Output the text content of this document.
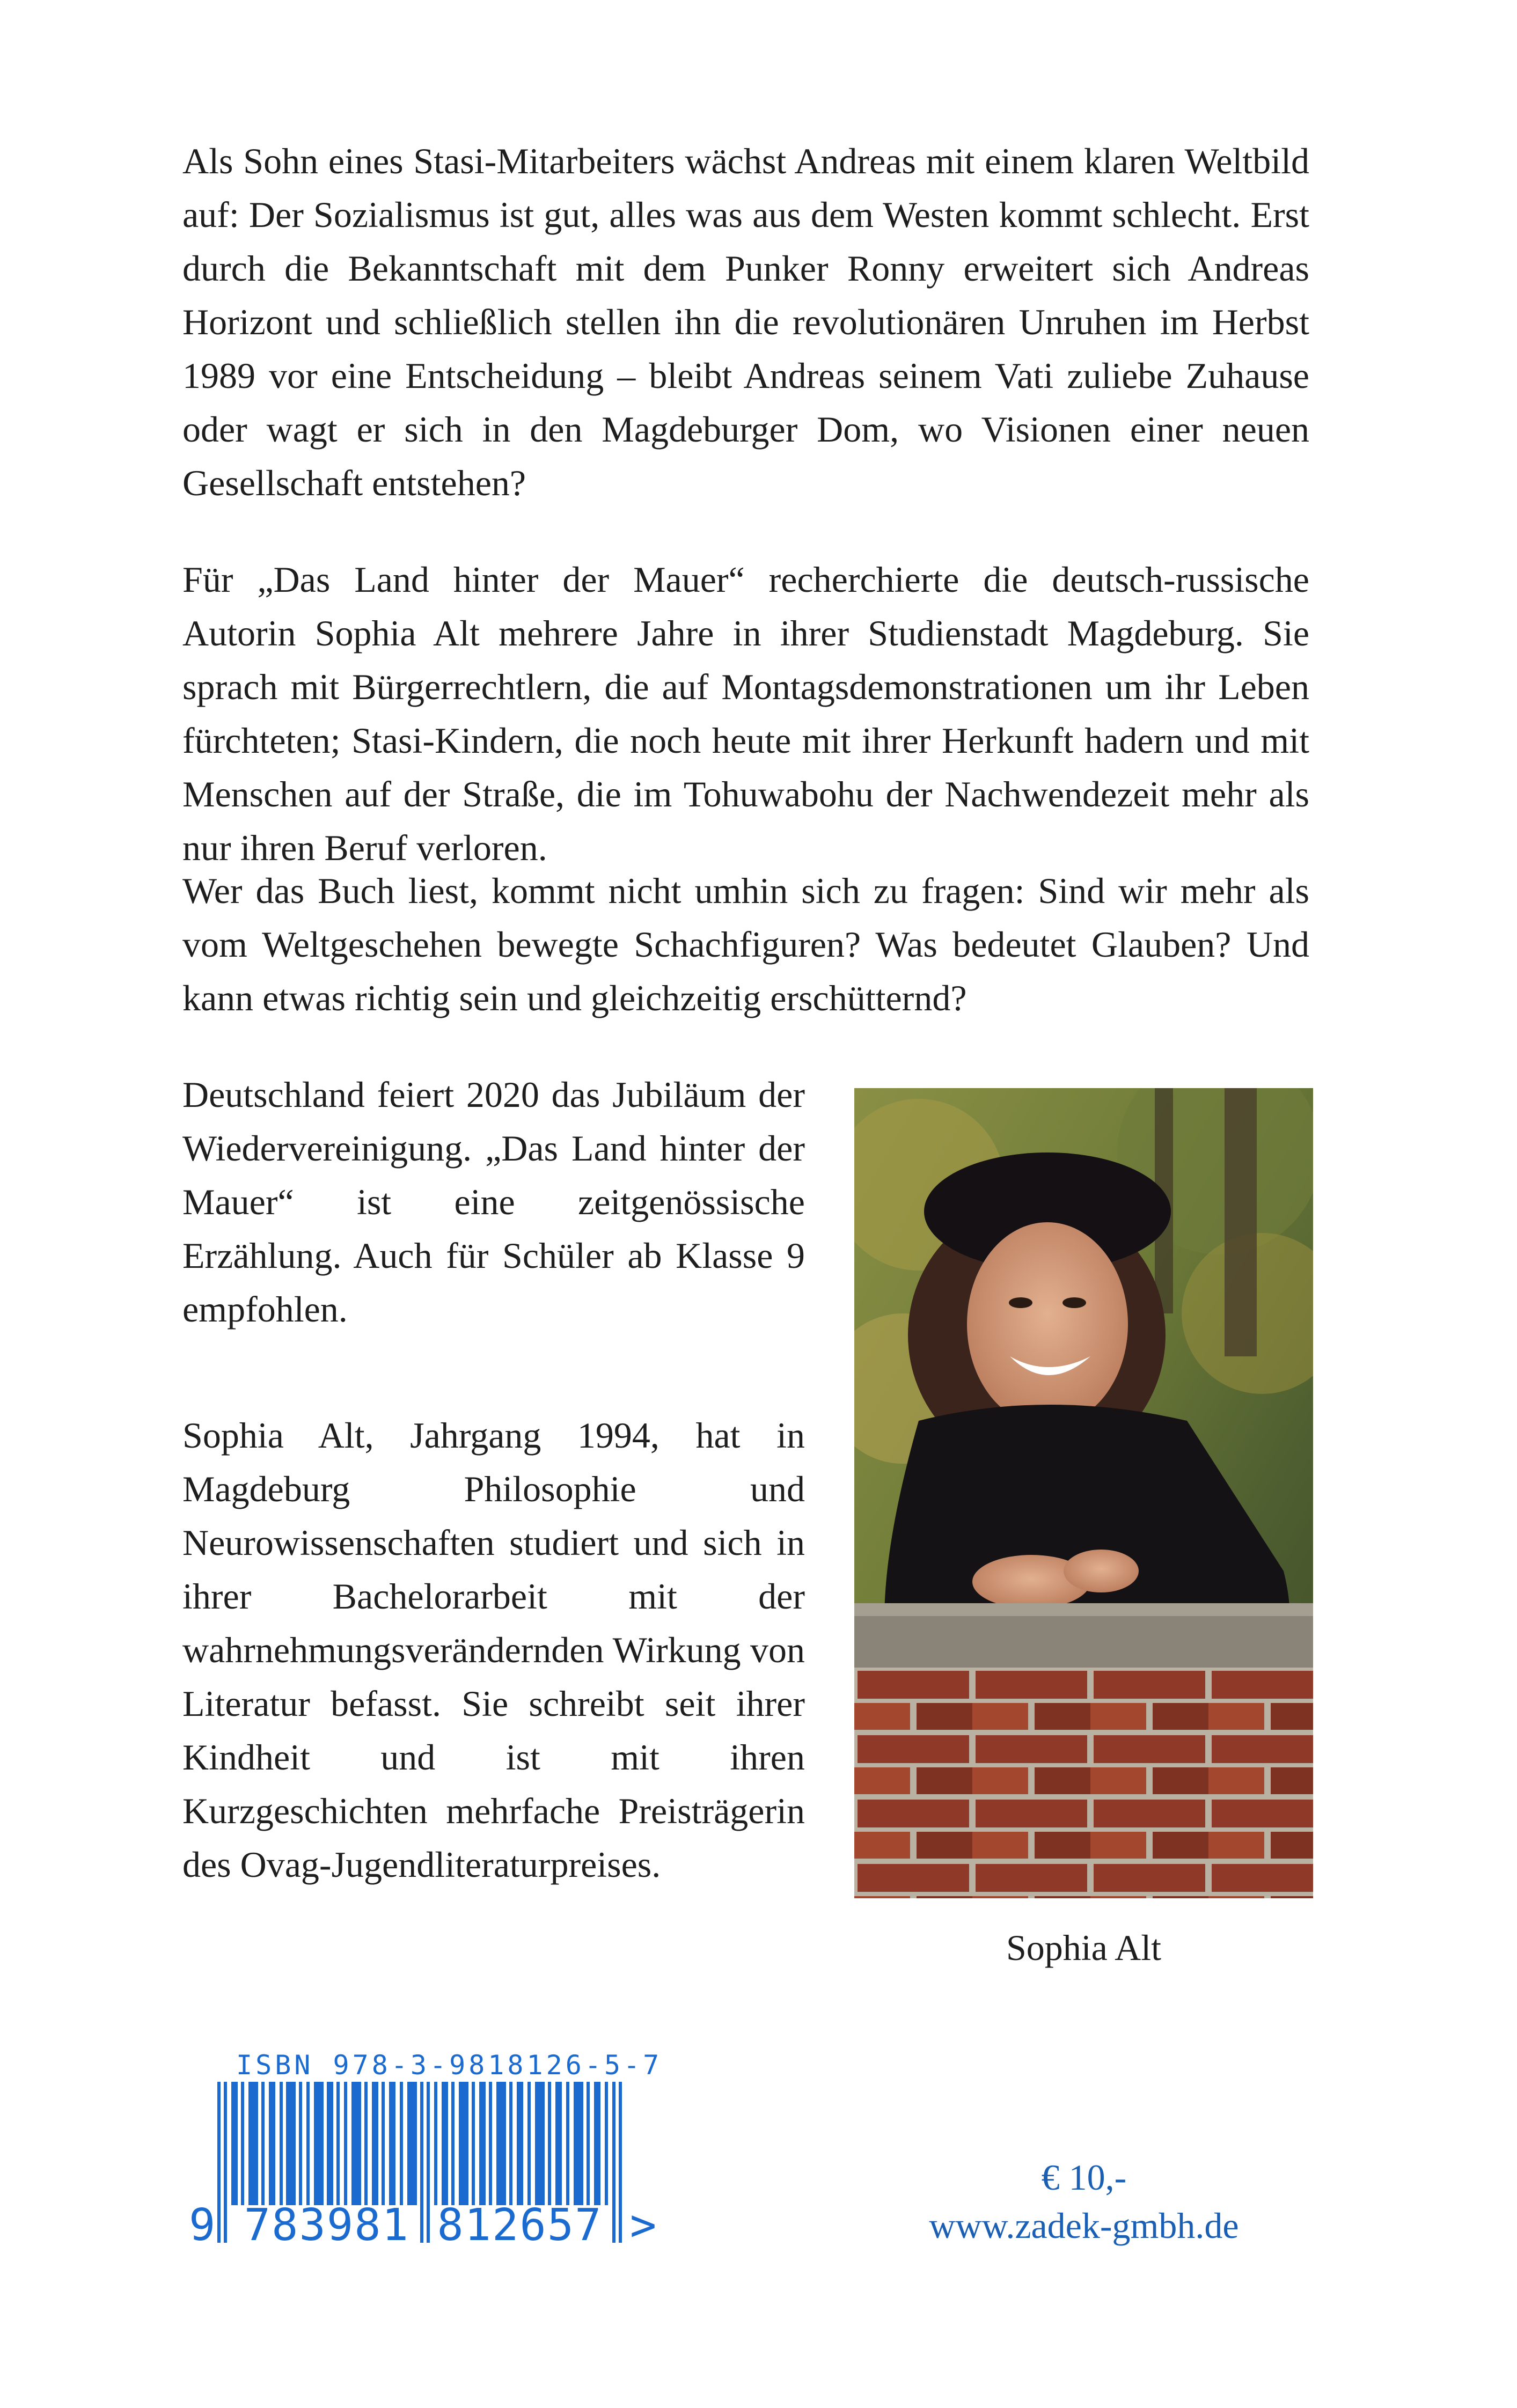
Als Sohn eines Stasi-Mitarbeiters wächst Andreas mit einem klaren Weltbild auf: Der Sozialismus ist gut, alles was aus dem Westen kommt schlecht. Erst durch die Bekanntschaft mit dem Punker Ronny erweitert sich Andreas Horizont und schließlich stellen ihn die revolutionären Unruhen im Herbst 1989 vor eine Entscheidung – bleibt Andreas seinem Vati zuliebe Zuhause oder wagt er sich in den Magdeburger Dom, wo Visionen einer neuen Gesellschaft entstehen?

Für „Das Land hinter der Mauer“ recherchierte die deutsch-russische Autorin Sophia Alt mehrere Jahre in ihrer Studienstadt Magdeburg. Sie sprach mit Bürgerrechtlern, die auf Montagsdemonstrationen um ihr Leben fürchteten; Stasi-Kindern, die noch heute mit ihrer Herkunft hadern und mit Menschen auf der Straße, die im Tohuwabohu der Nachwendezeit mehr als nur ihren Beruf verloren.

Wer das Buch liest, kommt nicht umhin sich zu fragen: Sind wir mehr als vom Weltgeschehen bewegte Schachfiguren? Was bedeutet Glauben? Und kann etwas richtig sein und gleichzeitig erschütternd?

Deutschland feiert 2020 das Jubiläum der Wiedervereinigung. „Das Land hinter der Mauer“ ist eine zeitgenössische Erzählung. Auch für Schüler ab Klasse 9 empfohlen.

Sophia Alt, Jahrgang 1994, hat in Magdeburg Philosophie und Neurowissenschaften studiert und sich in ihrer Bachelorarbeit mit der wahrnehmungsverändernden Wirkung von Literatur befasst. Sie schreibt seit ihrer Kindheit und ist mit ihren Kurzgeschichten mehrfache Preisträgerin des Ovag-Jugendliteraturpreises.

Sophia Alt
ISBN 978-3-9818126-5-7
9 783981 812657 >
€ 10,-
www.zadek-gmbh.de
